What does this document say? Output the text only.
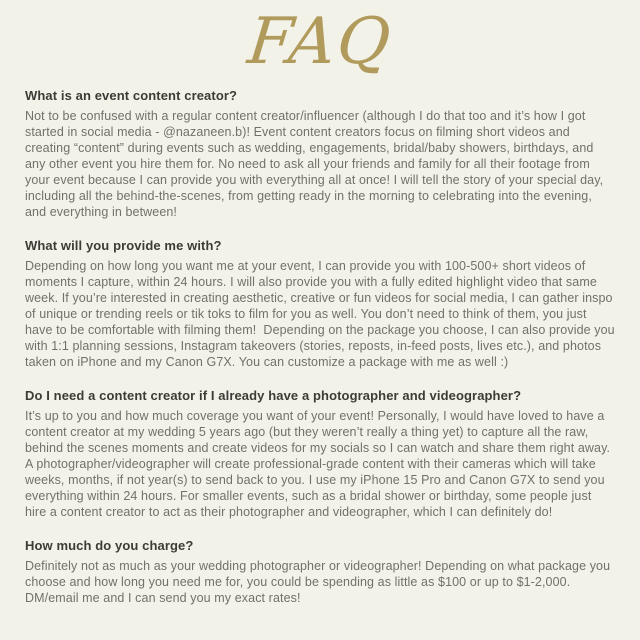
FAQ
What is an event content creator?

Not to be confused with a regular content creator/influencer (although I do that too and it’s how I got started in social media - @nazaneen.b)! Event content creators focus on filming short videos and creating “content” during events such as wedding, engagements, bridal/baby showers, birthdays, and any other event you hire them for. No need to ask all your friends and family for all their footage from your event because I can provide you with everything all at once! I will tell the story of your special day, including all the behind-the-scenes, from getting ready in the morning to celebrating into the evening, and everything in between!

What will you provide me with?

Depending on how long you want me at your event, I can provide you with 100-500+ short videos of moments I capture, within 24 hours. I will also provide you with a fully edited highlight video that same week. If you’re interested in creating aesthetic, creative or fun videos for social media, I can gather inspo of unique or trending reels or tik toks to film for you as well. You don’t need to think of them, you just have to be comfortable with filming them!  Depending on the package you choose, I can also provide you with 1:1 planning sessions, Instagram takeovers (stories, reposts, in-feed posts, lives etc.), and photos taken on iPhone and my Canon G7X. You can customize a package with me as well :)

Do I need a content creator if I already have a photographer and videographer?

It’s up to you and how much coverage you want of your event! Personally, I would have loved to have a content creator at my wedding 5 years ago (but they weren’t really a thing yet) to capture all the raw, behind the scenes moments and create videos for my socials so I can watch and share them right away. A photographer/videographer will create professional-grade content with their cameras which will take weeks, months, if not year(s) to send back to you. I use my iPhone 15 Pro and Canon G7X to send you everything within 24 hours. For smaller events, such as a bridal shower or birthday, some people just hire a content creator to act as their photographer and videographer, which I can definitely do!

How much do you charge?

Definitely not as much as your wedding photographer or videographer! Depending on what package you choose and how long you need me for, you could be spending as little as $100 or up to $1-2,000. DM/email me and I can send you my exact rates!
